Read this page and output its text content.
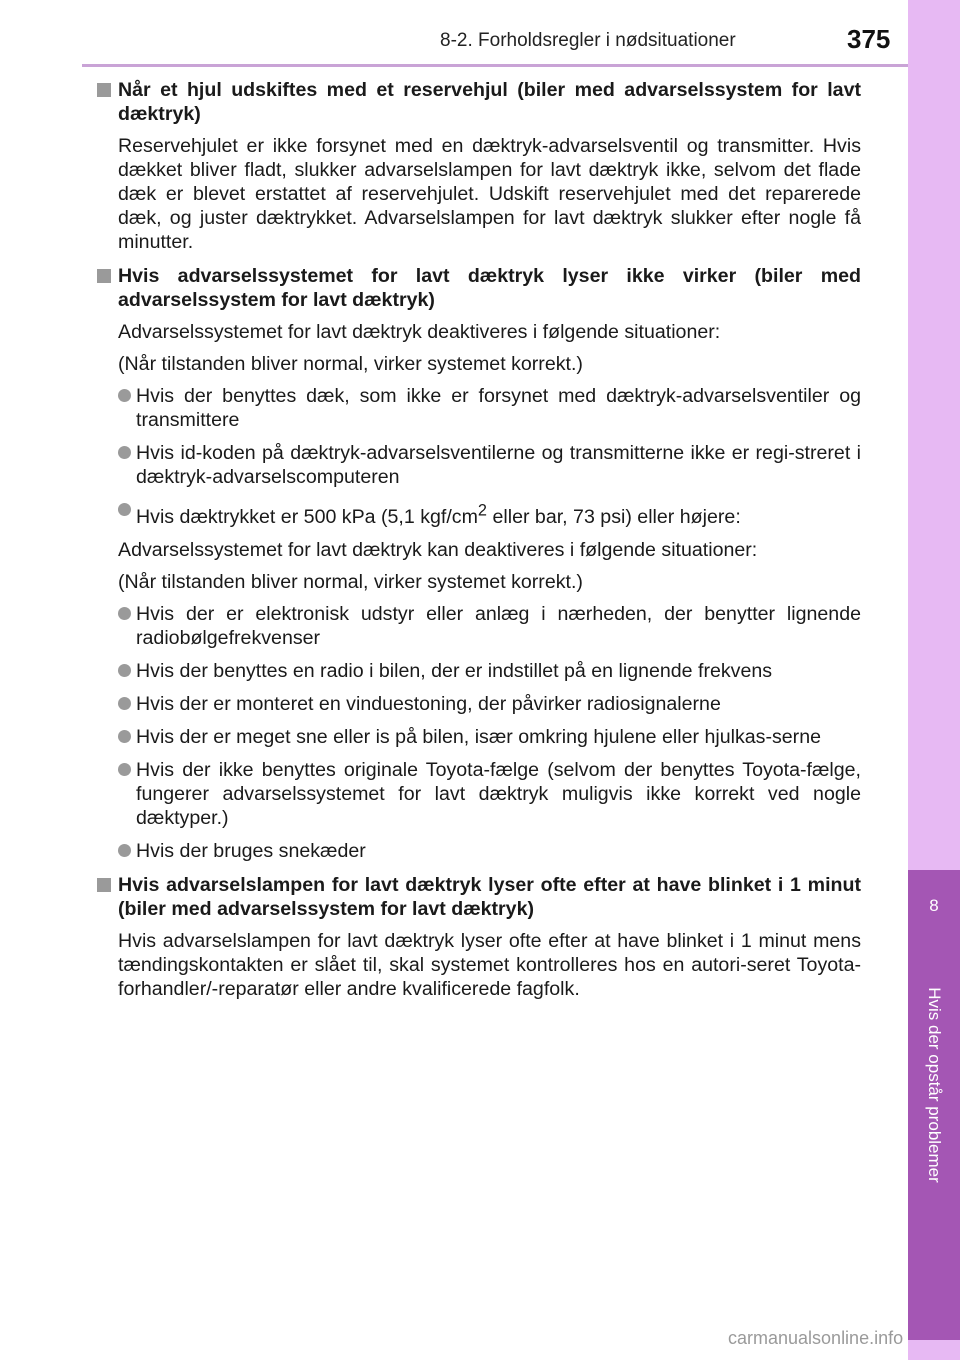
8-2. Forholdsregler i nødsituationer	375
8
Hvis der opstår problemer
Når et hjul udskiftes med et reservehjul (biler med advarselssystem for lavt dæktryk)
Reservehjulet er ikke forsynet med en dæktryk-advarselsventil og transmitter. Hvis dækket bliver fladt, slukker advarselslampen for lavt dæktryk ikke, selvom det flade dæk er blevet erstattet af reservehjulet. Udskift reservehjulet med det reparerede dæk, og juster dæktrykket. Advarselslampen for lavt dæktryk slukker efter nogle få minutter.
Hvis advarselssystemet for lavt dæktryk lyser ikke virker (biler med advarselssystem for lavt dæktryk)
Advarselssystemet for lavt dæktryk deaktiveres i følgende situationer:
(Når tilstanden bliver normal, virker systemet korrekt.)
Hvis der benyttes dæk, som ikke er forsynet med dæktryk-advarselsventiler og transmittere
Hvis id-koden på dæktryk-advarselsventilerne og transmitterne ikke er regi-streret i dæktryk-advarselscomputeren
Hvis dæktrykket er 500 kPa (5,1 kgf/$cm^2$ eller bar, 73 psi) eller højere:
Advarselssystemet for lavt dæktryk kan deaktiveres i følgende situationer:
(Når tilstanden bliver normal, virker systemet korrekt.)
Hvis der er elektronisk udstyr eller anlæg i nærheden, der benytter lignende radiobølgefrekvenser
Hvis der benyttes en radio i bilen, der er indstillet på en lignende frekvens
Hvis der er monteret en vinduestoning, der påvirker radiosignalerne
Hvis der er meget sne eller is på bilen, især omkring hjulene eller hjulkas-serne
Hvis der ikke benyttes originale Toyota-fælge (selvom der benyttes Toyota-fælge, fungerer advarselssystemet for lavt dæktryk muligvis ikke korrekt ved nogle dæktyper.)
Hvis der bruges snekæder
Hvis advarselslampen for lavt dæktryk lyser ofte efter at have blinket i 1 minut (biler med advarselssystem for lavt dæktryk)
Hvis advarselslampen for lavt dæktryk lyser ofte efter at have blinket i 1 minut mens tændingskontakten er slået til, skal systemet kontrolleres hos en autori-seret Toyota-forhandler/-reparatør eller andre kvalificerede fagfolk.
carmanualsonline.info
